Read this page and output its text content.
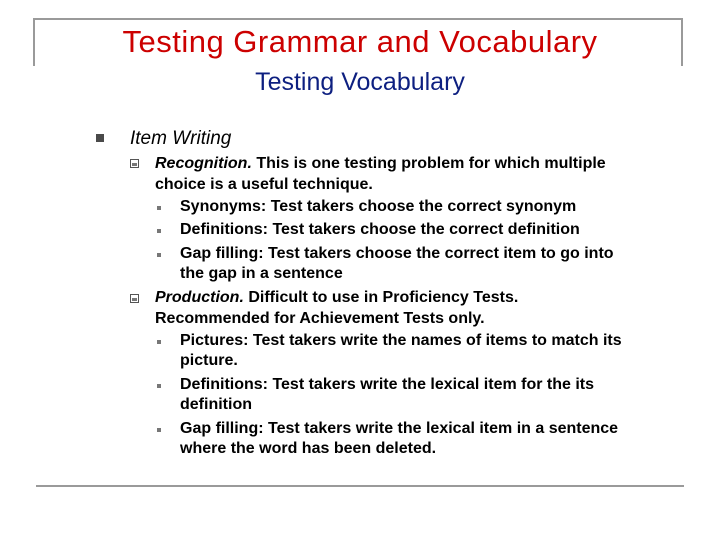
Testing Grammar and Vocabulary
Testing Vocabulary
Item Writing
Recognition. This is one testing problem for which multiple
choice is a useful technique.
Synonyms: Test takers choose the correct synonym
Definitions: Test takers choose the correct definition
Gap filling: Test takers choose the correct item to go into
the gap in a sentence
Production. Difficult to use in Proficiency Tests.
Recommended for Achievement Tests only.
Pictures: Test takers write the names of items to match its
picture.
Definitions: Test takers write the lexical item for the its
definition
Gap filling: Test takers write the lexical item in a sentence
where the word has been deleted.
